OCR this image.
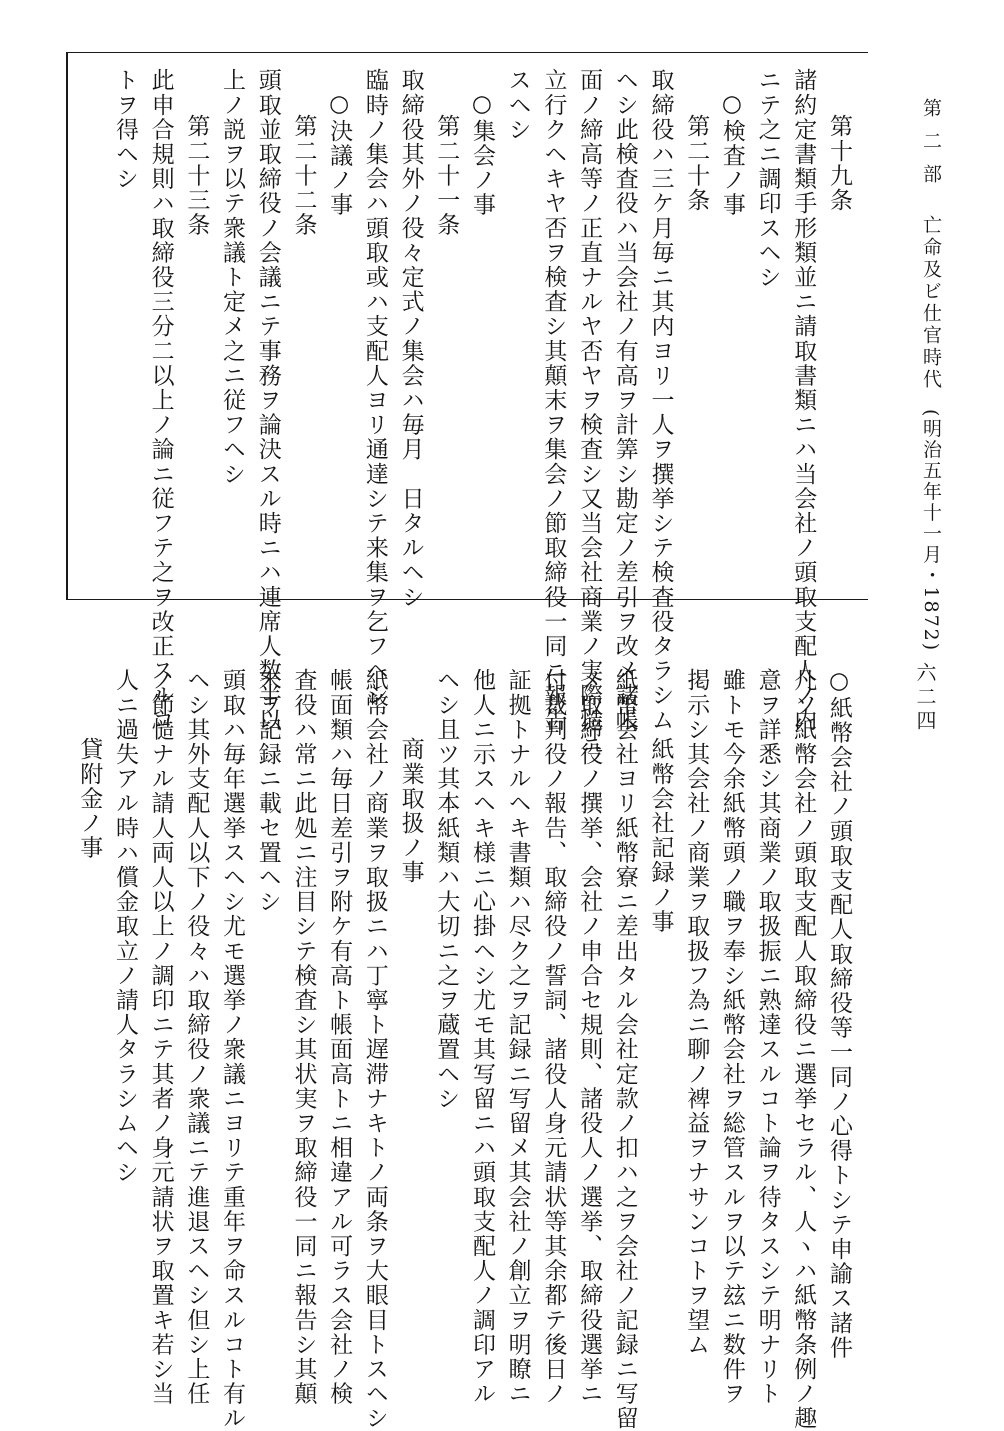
第二部亡命及ビ仕官時代(明治五年十一月・1872)
六二四

第十九条

諸約定書類手形類並ニ請取書類ニハ当会社ノ頭取支配人ノ内

ニテ之ニ調印スヘシ

○検査ノ事

第二十条

取締役ハ三ケ月毎ニ其内ヨリ一人ヲ撰挙シテ検査役タラシム

ヘシ此検査役ハ当会社ノ有高ヲ計筭シ勘定ノ差引ヲ改メ諸帳

面ノ締高等ノ正直ナルヤ否ヤヲ検査シ又当会社商業ノ実際慥ニ

立行クヘキヤ否ヲ検査シ其顛末ヲ集会ノ節取締役一同ニ報告

スヘシ

○集会ノ事

第二十一条

取締役其外ノ役々定式ノ集会ハ毎月　日タルヘシ

臨時ノ集会ハ頭取或ハ支配人ヨリ通達シテ来集ヲ乞フヘシ

○決議ノ事

第二十二条

頭取並取締役ノ会議ニテ事務ヲ論決スル時ニハ連席人数半以

上ノ説ヲ以テ衆議ト定メ之ニ従フヘシ

第二十三条

此申合規則ハ取締役三分二以上ノ論ニ従フテ之ヲ改正スルコ

トヲ得ヘシ

○紙幣会社ノ頭取支配人取締役等一同ノ心得トシテ申諭ス諸件

凡ソ紙幣会社ノ頭取支配人取締役ニ選挙セラル、人ヽハ紙幣条例ノ趣

意ヲ詳悉シ其商業ノ取扱振ニ熟達スルコト論ヲ待タスシテ明ナリト

雖トモ今余紙幣頭ノ職ヲ奉シ紙幣会社ヲ総管スルヲ以テ玆ニ数件ヲ

掲示シ其会社ノ商業ヲ取扱フ為ニ聊ノ裨益ヲナサンコトヲ望ム

紙幣会社記録ノ事

紙幣会社ヨリ紙幣寮ニ差出タル会社定款ノ扣ハ之ヲ会社ノ記録ニ写留

メ取締役ノ撰挙、会社ノ申合セ規則、諸役人ノ選挙、取締役選挙ニ

付裁判役ノ報告、取締役ノ誓詞、諸役人身元請状等其余都テ後日ノ

証拠トナルヘキ書類ハ尽ク之ヲ記録ニ写留メ其会社ノ創立ヲ明瞭ニ

他人ニ示スヘキ様ニ心掛ヘシ尤モ其写留ニハ頭取支配人ノ調印アル

ヘシ且ツ其本紙類ハ大切ニ之ヲ蔵置ヘシ

商業取扱ノ事

紙幣会社ノ商業ヲ取扱ニハ丁寧ト遅滞ナキトノ両条ヲ大眼目トスヘシ

帳面類ハ毎日差引ヲ附ケ有高ト帳面高トニ相違アル可ラス会社ノ検

査役ハ常ニ此処ニ注目シテ検査シ其状実ヲ取締役一同ニ報告シ其顛

末ヲ記録ニ載セ置ヘシ

頭取ハ毎年選挙スヘシ尤モ選挙ノ衆議ニヨリテ重年ヲ命スルコト有ル

ヘシ其外支配人以下ノ役々ハ取締役ノ衆議ニテ進退スヘシ但シ上任

ノ節慥ナル請人両人以上ノ調印ニテ其者ノ身元請状ヲ取置キ若シ当

人ニ過失アル時ハ償金取立ノ請人タラシムヘシ

貸附金ノ事
